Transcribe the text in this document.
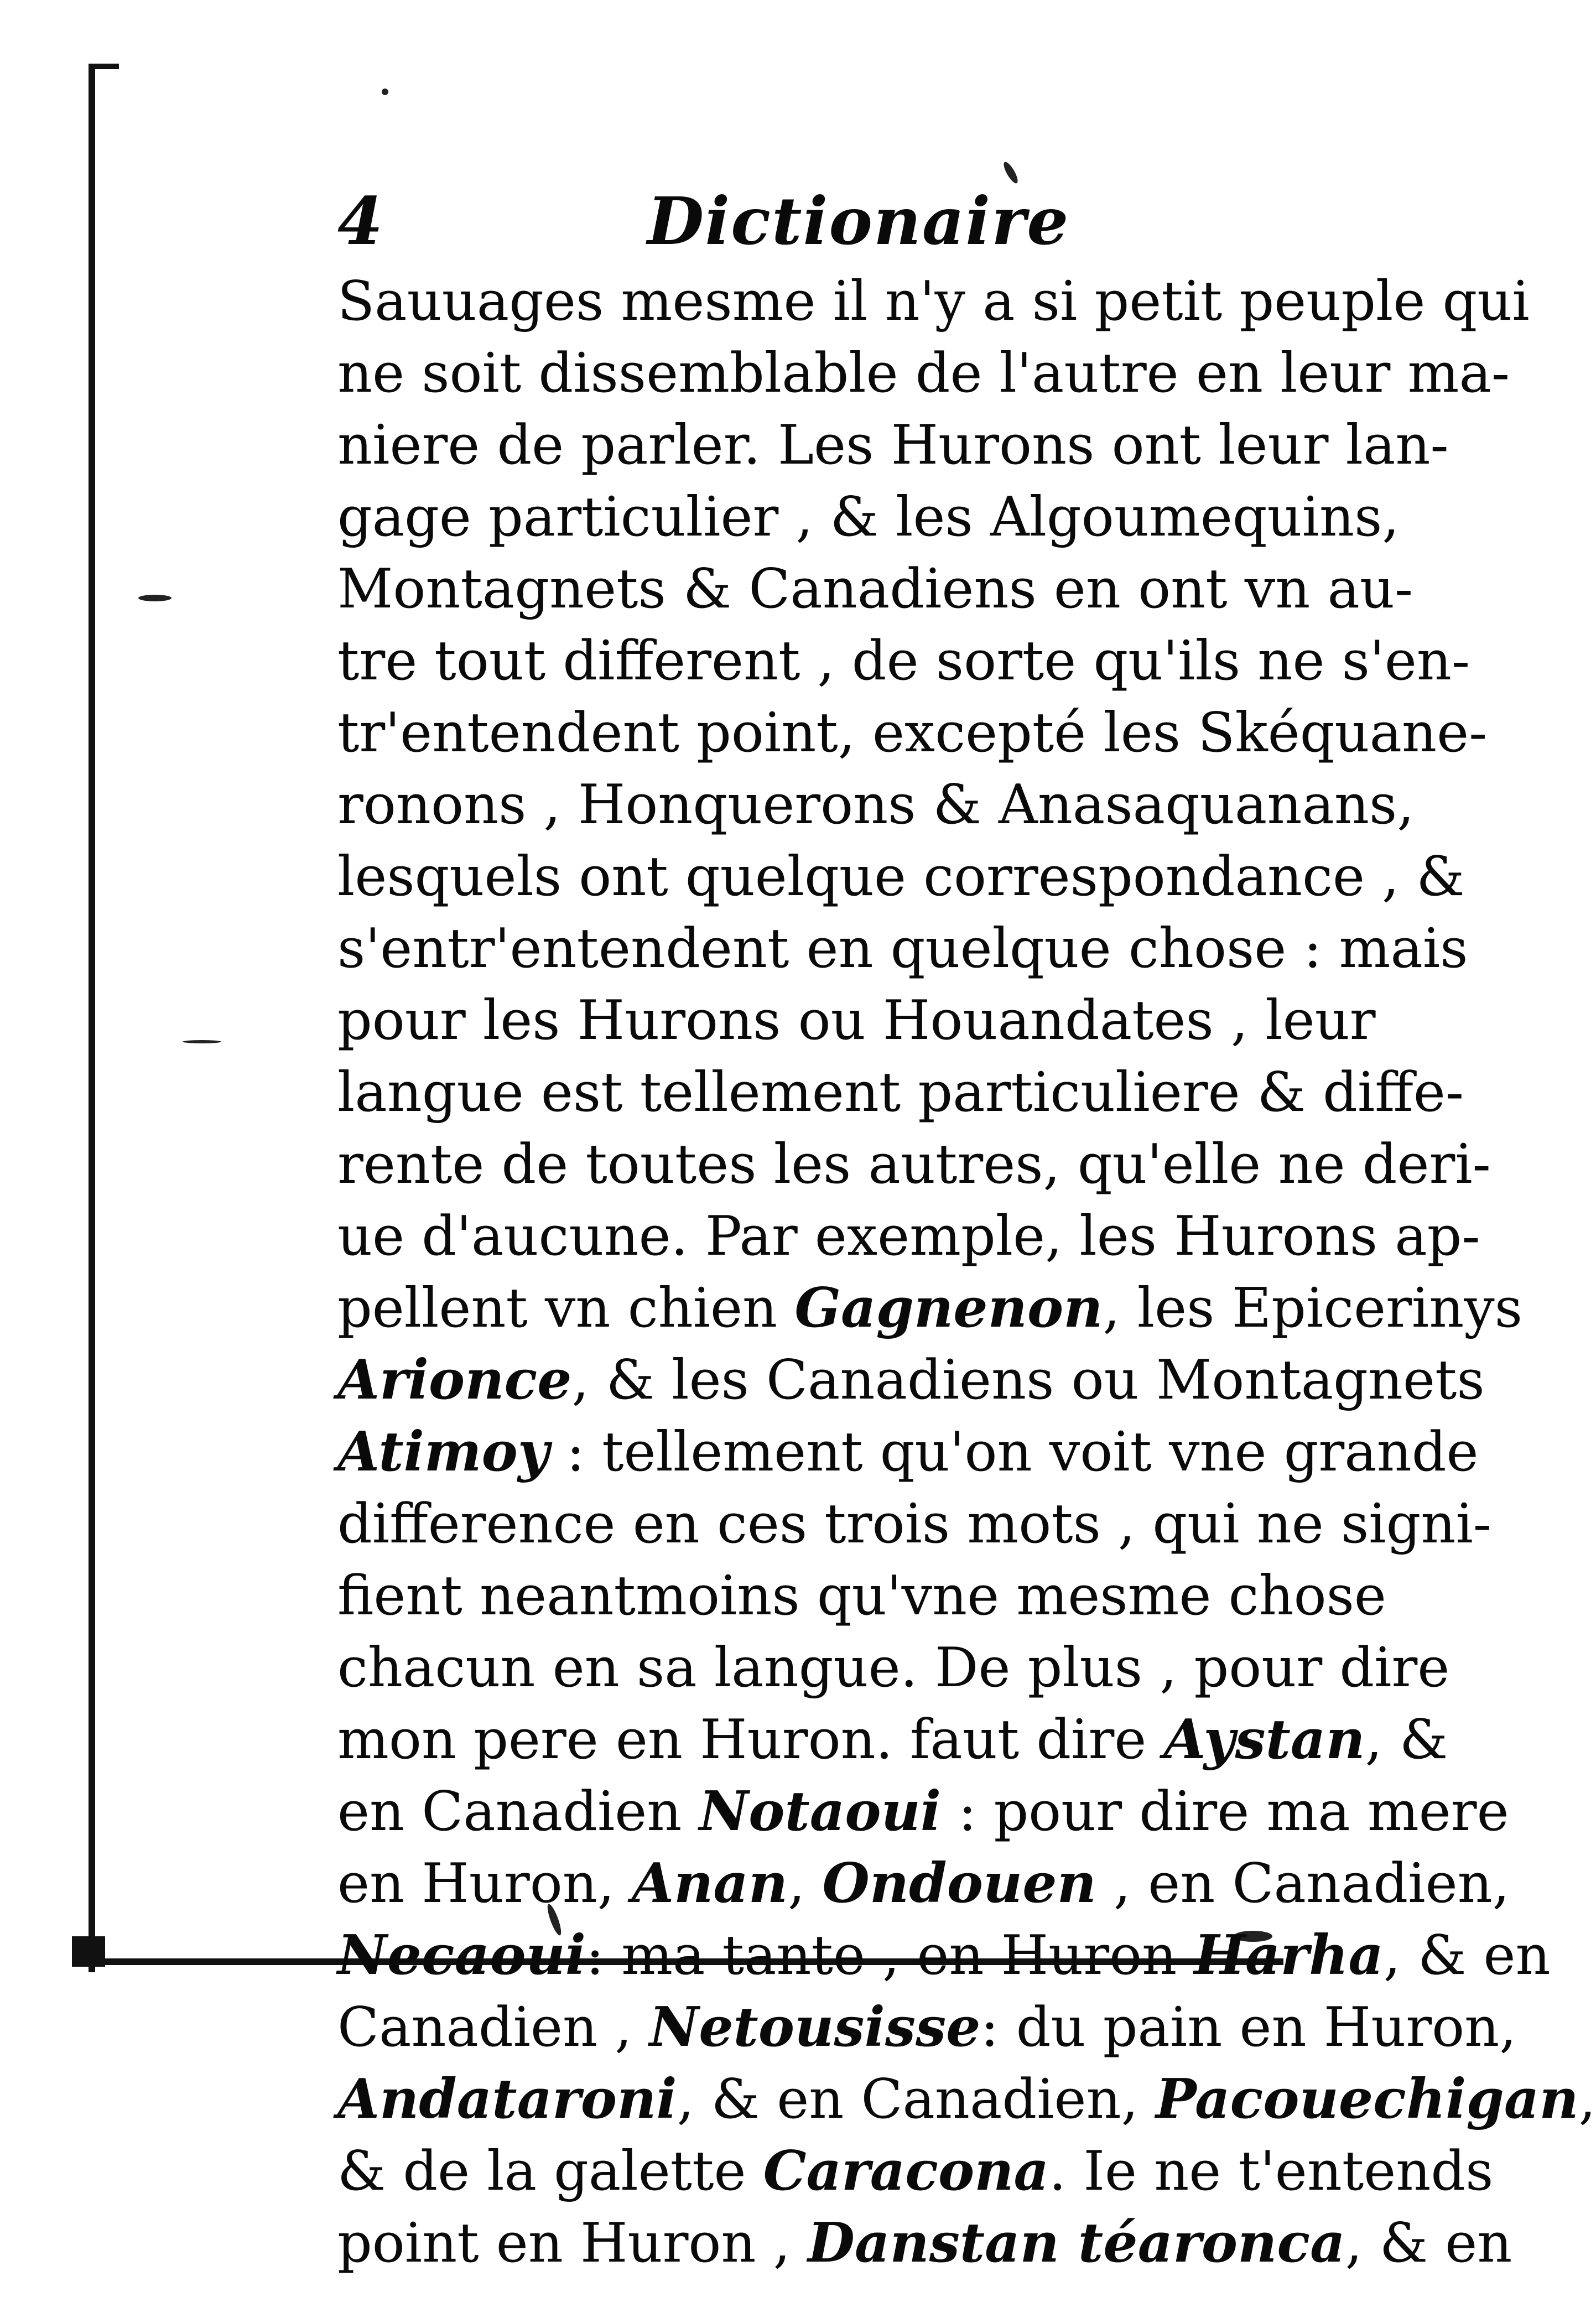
4	Dictionaire
Sauuages mesme il n'y a si petit peuple qui
ne soit dissemblable de l'autre en leur ma-
niere de parler. Les Hurons ont leur lan-
gage particulier , & les Algoumequins,
Montagnets & Canadiens en ont vn au-
tre tout different , de sorte qu'ils ne s'en-
tr'entendent point, excepté les Skéquane-
ronons , Honquerons & Anasaquanans,
lesquels ont quelque correspondance , &
s'entr'entendent en quelque chose : mais
pour les Hurons ou Houandates , leur
langue est tellement particuliere & diffe-
rente de toutes les autres, qu'elle ne deri-
ue d'aucune. Par exemple, les Hurons ap-
pellent vn chien Gagnenon, les Epicerinys
Arionce, & les Canadiens ou Montagnets
Atimoy : tellement qu'on voit vne grande
difference en ces trois mots , qui ne signi-
fient neantmoins qu'vne mesme chose
chacun en sa langue. De plus , pour dire
mon pere en Huron. faut dire Aystan, &
en Canadien Notaoui : pour dire ma mere
en Huron, Anan, Ondouen , en Canadien,
Necaoui: ma tante , en Huron Harha, & en
Canadien , Netousisse: du pain en Huron,
Andataroni, & en Canadien, Pacouechigan,
& de la galette Caracona. Ie ne t'entends
point en Huron , Danstan téaronca, & en
